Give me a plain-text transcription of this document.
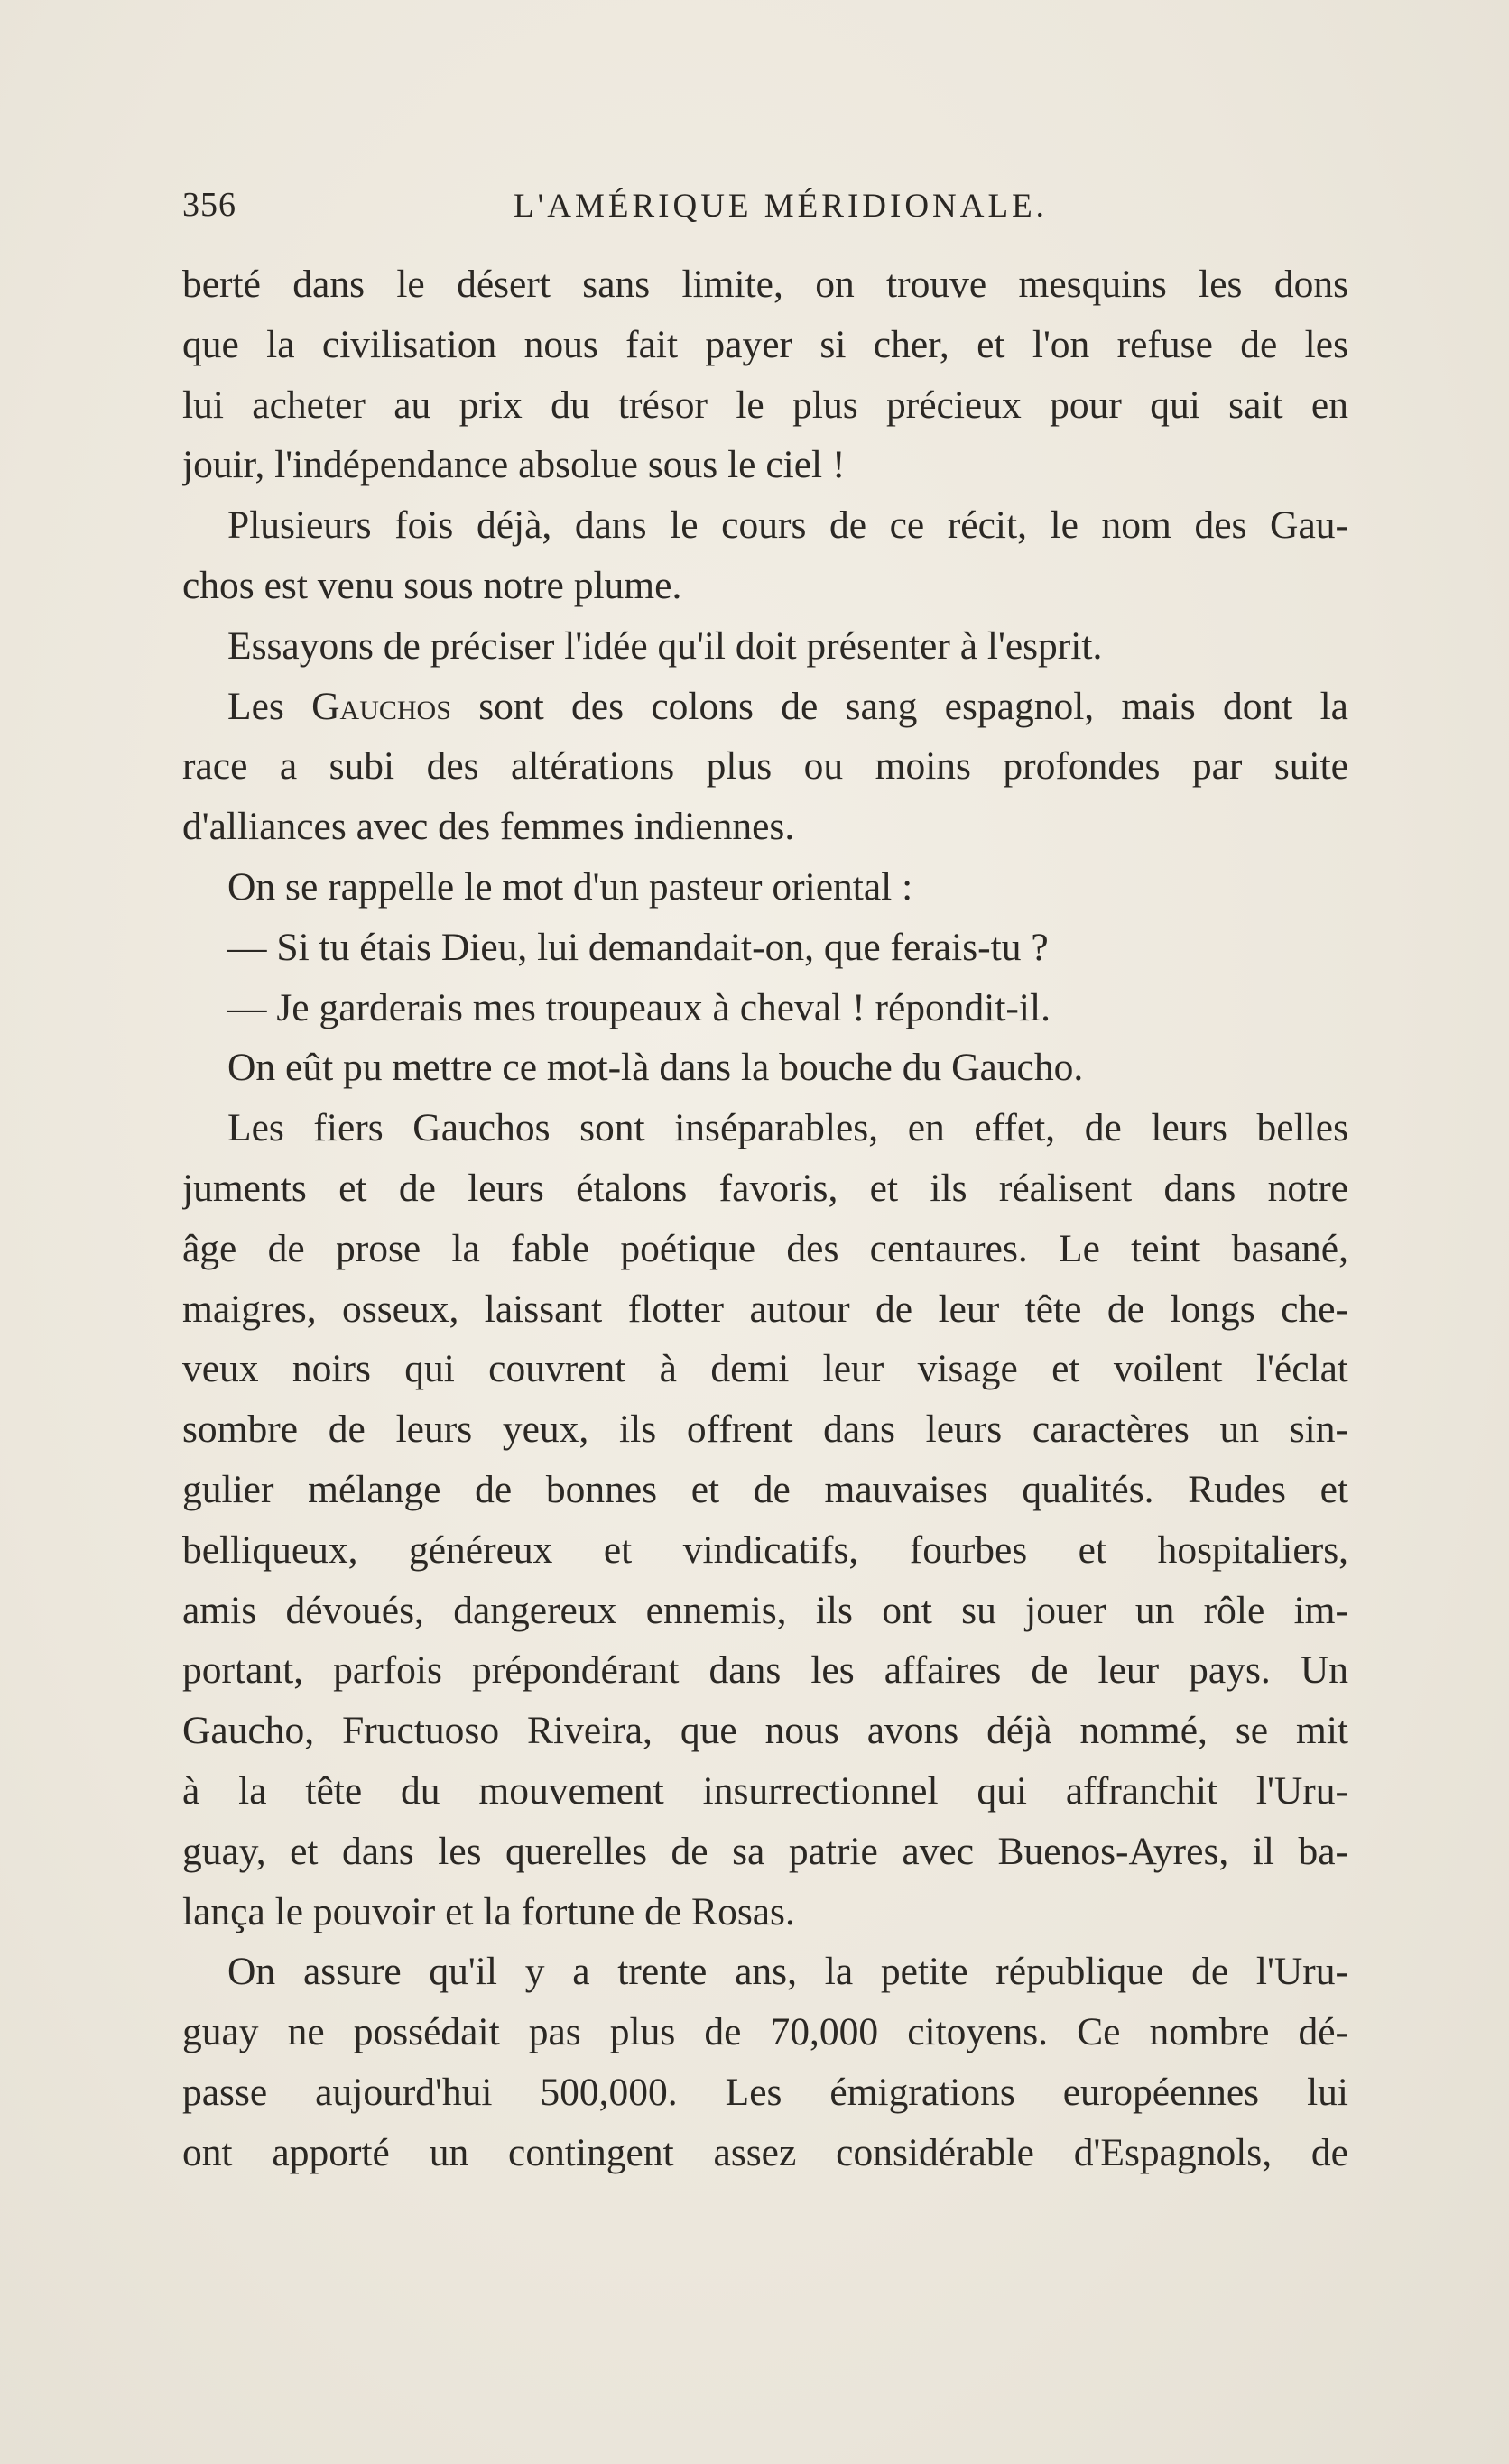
356	L'AMÉRIQUE MÉRIDIONALE.
berté dans le désert sans limite, on trouve mesquins les dons
que la civilisation nous fait payer si cher, et l'on refuse de les
lui acheter au prix du trésor le plus précieux pour qui sait en
jouir, l'indépendance absolue sous le ciel !
Plusieurs fois déjà, dans le cours de ce récit, le nom des Gau-
chos est venu sous notre plume.
Essayons de préciser l'idée qu'il doit présenter à l'esprit.
Les Gauchos sont des colons de sang espagnol, mais dont la
race a subi des altérations plus ou moins profondes par suite
d'alliances avec des femmes indiennes.
On se rappelle le mot d'un pasteur oriental :
— Si tu étais Dieu, lui demandait-on, que ferais-tu ?
— Je garderais mes troupeaux à cheval ! répondit-il.
On eût pu mettre ce mot-là dans la bouche du Gaucho.
Les fiers Gauchos sont inséparables, en effet, de leurs belles
juments et de leurs étalons favoris, et ils réalisent dans notre
âge de prose la fable poétique des centaures. Le teint basané,
maigres, osseux, laissant flotter autour de leur tête de longs che-
veux noirs qui couvrent à demi leur visage et voilent l'éclat
sombre de leurs yeux, ils offrent dans leurs caractères un sin-
gulier mélange de bonnes et de mauvaises qualités. Rudes et
belliqueux, généreux et vindicatifs, fourbes et hospitaliers,
amis dévoués, dangereux ennemis, ils ont su jouer un rôle im-
portant, parfois prépondérant dans les affaires de leur pays. Un
Gaucho, Fructuoso Riveira, que nous avons déjà nommé, se mit
à la tête du mouvement insurrectionnel qui affranchit l'Uru-
guay, et dans les querelles de sa patrie avec Buenos-Ayres, il ba-
lança le pouvoir et la fortune de Rosas.
On assure qu'il y a trente ans, la petite république de l'Uru-
guay ne possédait pas plus de 70,000 citoyens. Ce nombre dé-
passe aujourd'hui 500,000. Les émigrations européennes lui
ont apporté un contingent assez considérable d'Espagnols, de
